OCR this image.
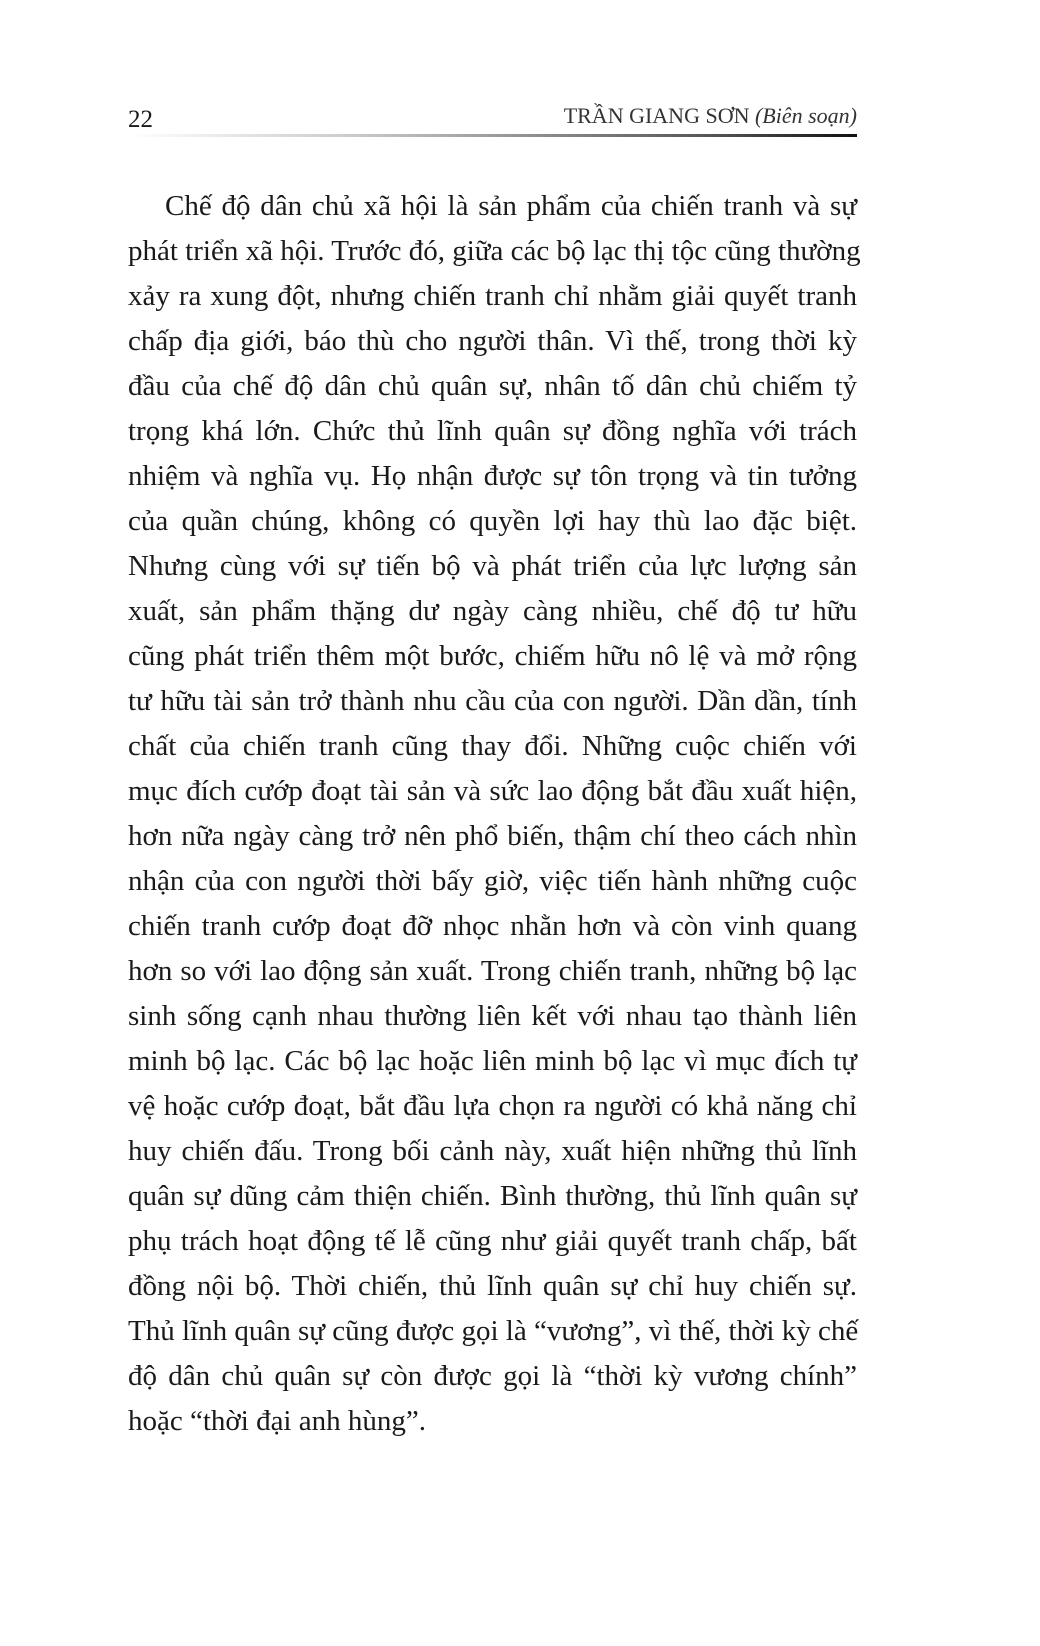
22	TRẦN GIANG SƠN (Biên soạn)
Chế độ dân chủ xã hội là sản phẩm của chiến tranh và sự
phát triển xã hội. Trước đó, giữa các bộ lạc thị tộc cũng thường
xảy ra xung đột, nhưng chiến tranh chỉ nhằm giải quyết tranh
chấp địa giới, báo thù cho người thân. Vì thế, trong thời kỳ
đầu của chế độ dân chủ quân sự, nhân tố dân chủ chiếm tỷ
trọng khá lớn. Chức thủ lĩnh quân sự đồng nghĩa với trách
nhiệm và nghĩa vụ. Họ nhận được sự tôn trọng và tin tưởng
của quần chúng, không có quyền lợi hay thù lao đặc biệt.
Nhưng cùng với sự tiến bộ và phát triển của lực lượng sản
xuất, sản phẩm thặng dư ngày càng nhiều, chế độ tư hữu
cũng phát triển thêm một bước, chiếm hữu nô lệ và mở rộng
tư hữu tài sản trở thành nhu cầu của con người. Dần dần, tính
chất của chiến tranh cũng thay đổi. Những cuộc chiến với
mục đích cướp đoạt tài sản và sức lao động bắt đầu xuất hiện,
hơn nữa ngày càng trở nên phổ biến, thậm chí theo cách nhìn
nhận của con người thời bấy giờ, việc tiến hành những cuộc
chiến tranh cướp đoạt đỡ nhọc nhằn hơn và còn vinh quang
hơn so với lao động sản xuất. Trong chiến tranh, những bộ lạc
sinh sống cạnh nhau thường liên kết với nhau tạo thành liên
minh bộ lạc. Các bộ lạc hoặc liên minh bộ lạc vì mục đích tự
vệ hoặc cướp đoạt, bắt đầu lựa chọn ra người có khả năng chỉ
huy chiến đấu. Trong bối cảnh này, xuất hiện những thủ lĩnh
quân sự dũng cảm thiện chiến. Bình thường, thủ lĩnh quân sự
phụ trách hoạt động tế lễ cũng như giải quyết tranh chấp, bất
đồng nội bộ. Thời chiến, thủ lĩnh quân sự chỉ huy chiến sự.
Thủ lĩnh quân sự cũng được gọi là “vương”, vì thế, thời kỳ chế
độ dân chủ quân sự còn được gọi là “thời kỳ vương chính”
hoặc “thời đại anh hùng”.
